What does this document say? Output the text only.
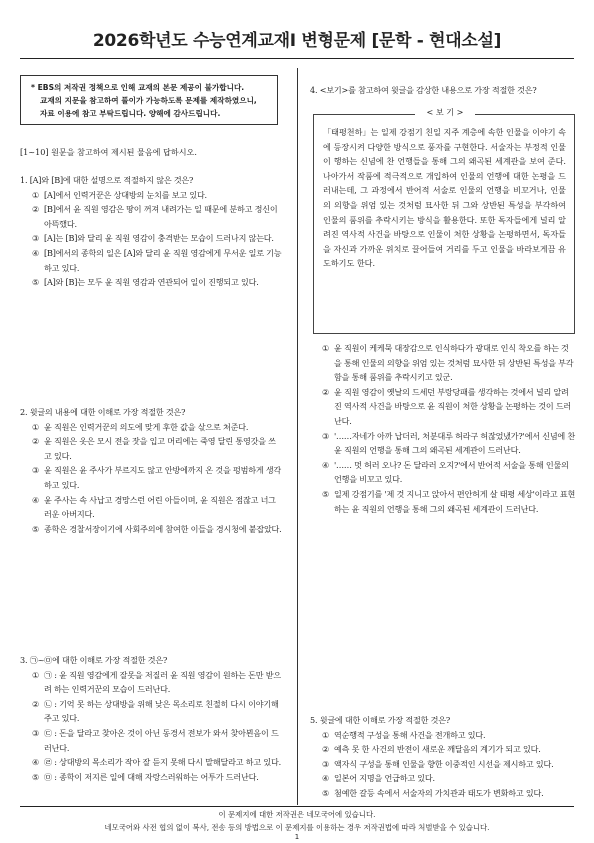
2026학년도 수능연계교재Ⅰ 변형문제 [문학 - 현대소설]
* EBS의 저작권 정책으로 인해 교재의 본문 제공이 불가합니다.
교재의 지문을 참고하여 풀이가 가능하도록 문제를 제작하였으니,
자료 이용에 참고 부탁드립니다. 양해에 감사드립니다.
[1~10] 원문을 참고하여 제시된 물음에 답하시오.
1. [A]와 [B]에 대한 설명으로 적절하지 않은 것은?
① [A]에서 인력거꾼은 상대방의 눈치를 보고 있다.
② [B]에서 윤 직원 영감은 땅이 꺼져 내려가는 일 때문에 분하고 정신이 아뜩했다.
③ [A]는 [B]와 달리 윤 직원 영감이 충격받는 모습이 드러나지 않는다.
④ [B]에서의 종학의 일은 [A]와 달리 윤 직원 영감에게 무서운 일로 기능하고 있다.
⑤ [A]와 [B]는 모두 윤 직원 영감과 연관되어 일이 진행되고 있다.
2. 윗글의 내용에 대한 이해로 가장 적절한 것은?
① 윤 직원은 인력거꾼의 의도에 맞게 후한 값을 삯으로 쳐준다.
② 윤 직원은 옷은 모시 전을 잣을 입고 머리에는 죽영 달린 통영갓을 쓰고 있다.
③ 윤 직원은 윤 주사가 부르지도 않고 안방에까지 온 것을 펑범하게 생각하고 있다.
④ 윤 주사는 속 사납고 경망스런 어린 아들이며, 윤 직원은 점잖고 너그러운 아버지다.
⑤ 종학은 경찰서장이기에 사회주의에 참여한 이들을 경시청에 붙잡았다.
3. ㉠~㉤에 대한 이해로 가장 적절한 것은?
① ㉠ : 윤 직원 영감에게 잘못을 저질러 윤 직원 영감이 원하는 돈만 받으려 하는 인력거꾼의 모습이 드러난다.
② ㉡ : 기억 못 하는 상대방을 위해 낮은 목소리로 친절히 다시 이야기해 주고 있다.
③ ㉢ : 돈을 달라고 찾아온 것이 아닌 동경서 전보가 와서 찾아뵌음이 드러난다.
④ ㉣ : 상대방의 목소리가 작아 잘 듣지 못해 다시 말해달라고 하고 있다.
⑤ ㉤ : 종학이 저지른 일에 대해 자랑스러워하는 어투가 드러난다.
4. <보기>를 참고하여 윗글을 감상한 내용으로 가장 적절한 것은?
「태평천하」는 일제 강점기 친일 지주 계층에 속한 인물을 이야기 속에 등장시켜 다양한 방식으로 풍자를 구현한다. 서술자는 부정적 인물이 행하는 신념에 찬 언행들을 통해 그의 왜곡된 세계관을 보여 준다. 나아가서 작품에 적극적으로 개입하여 인물의 언행에 대한 논평을 드러내는데, 그 과정에서 반어적 서술로 인물의 언행을 비꼬거나, 인물의 의향을 위엄 있는 것처럼 묘사한 뒤 그와 상반된 특성을 부각하여 인물의 품위를 추락시키는 방식을 활용한다. 또한 독자들에게 널리 알려진 역사적 사건을 바탕으로 인물이 처한 상황을 논평하면서, 독자들을 자신과 가까운 위치로 끌어들여 거리를 두고 인물을 바라보게끔 유도하기도 한다.
< 보 기 >
① 윤 직원이 케케묵 대장감으로 인식하다가 광대로 인식 착오를 하는 것을 통해 인물의 의향을 위엄 있는 것처럼 묘사한 뒤 상반된 특성을 부각함을 통해 품위를 추락시키고 있군.
② 윤 직원 영감이 옛날의 드세던 부랑당패를 생각하는 것에서 널리 알려진 역사적 사건을 바탕으로 윤 직원이 처한 상황을 논평하는 것이 드러난다.
③ '……자네가 아까 납더러, 처분대루 허라구 허잖었냈가?'에서 신념에 찬 윤 직원의 언행을 통해 그의 왜곡된 세계관이 드러난다.
④ '…… 멋 허러 오나? 돈 달라러 오지?'에서 반어적 서술을 통해 인물의 언행을 비꼬고 있다.
⑤ 일제 강점기를 '제 것 지니고 앉아서 편안허게 살 태평 세상'이라고 표현하는 윤 직원의 언행을 통해 그의 왜곡된 세계관이 드러난다.
5. 윗글에 대한 이해로 가장 적절한 것은?
① 역순행적 구성을 통해 사건을 전개하고 있다.
② 예측 못 한 사건의 반전이 새로운 깨달음의 계기가 되고 있다.
③ 액자식 구성을 통해 인물을 향한 이중적인 시선을 제시하고 있다.
④ 일본어 지명을 언급하고 있다.
⑤ 첨예한 갈등 속에서 서술자의 가치관과 태도가 변화하고 있다.
이 문제지에 대한 저작권은 네모국어에 있습니다.
네모국어와 사전 협의 없이 복사, 전송 등의 방법으로 이 문제지를 이용하는 경우 저작권법에 따라 처벌받을 수 있습니다.
1
